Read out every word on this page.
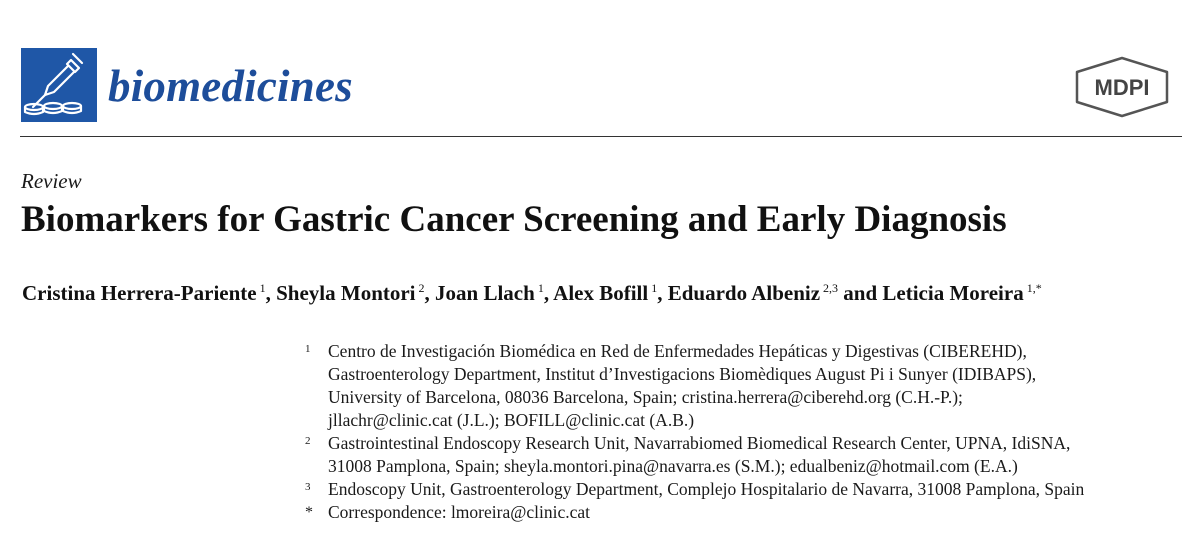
biomedicines	MDPI
Review
Biomarkers for Gastric Cancer Screening and Early Diagnosis
Cristina Herrera-Pariente $^1$, Sheyla Montori $^2$, Joan Llach $^1$, Alex Bofill $^1$, Eduardo Albeniz $^{2,3}$ and Leticia Moreira $^{1,*}$
1	Centro de Investigación Biomédica en Red de Enfermedades Hepáticas y Digestivas (CIBEREHD),
Gastroenterology Department, Institut d’Investigacions Biomèdiques August Pi i Sunyer (IDIBAPS),
University of Barcelona, 08036 Barcelona, Spain; cristina.herrera@ciberehd.org (C.H.-P.);
jllachr@clinic.cat (J.L.); BOFILL@clinic.cat (A.B.)
2	Gastrointestinal Endoscopy Research Unit, Navarrabiomed Biomedical Research Center, UPNA, IdiSNA,
31008 Pamplona, Spain; sheyla.montori.pina@navarra.es (S.M.); edualbeniz@hotmail.com (E.A.)
3	Endoscopy Unit, Gastroenterology Department, Complejo Hospitalario de Navarra, 31008 Pamplona, Spain
* Correspondence: lmoreira@clinic.cat
